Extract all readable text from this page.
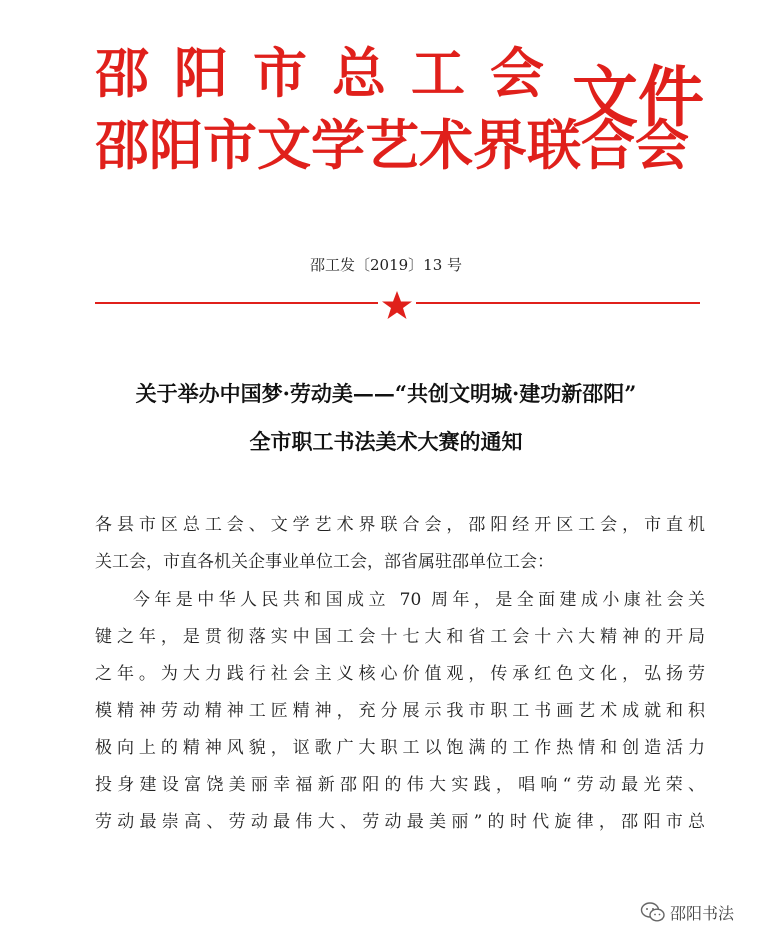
邵阳市总工会
邵阳市文学艺术界联合会
文件
邵工发〔2019〕13 号
关于举办中国梦·劳动美——“共创文明城·建功新邵阳”
全市职工书法美术大赛的通知
各县市区总工会、文学艺术界联合会，邵阳经开区工会，市直机
关工会，市直各机关企事业单位工会，部省属驻邵单位工会：
今年是中华人民共和国成立 70 周年，是全面建成小康社会关
键之年，是贯彻落实中国工会十七大和省工会十六大精神的开局
之年。为大力践行社会主义核心价值观，传承红色文化，弘扬劳
模精神劳动精神工匠精神，充分展示我市职工书画艺术成就和积
极向上的精神风貌，讴歌广大职工以饱满的工作热情和创造活力
投身建设富饶美丽幸福新邵阳的伟大实践，唱响“劳动最光荣、
劳动最崇高、劳动最伟大、劳动最美丽”的时代旋律，邵阳市总
邵阳书法
